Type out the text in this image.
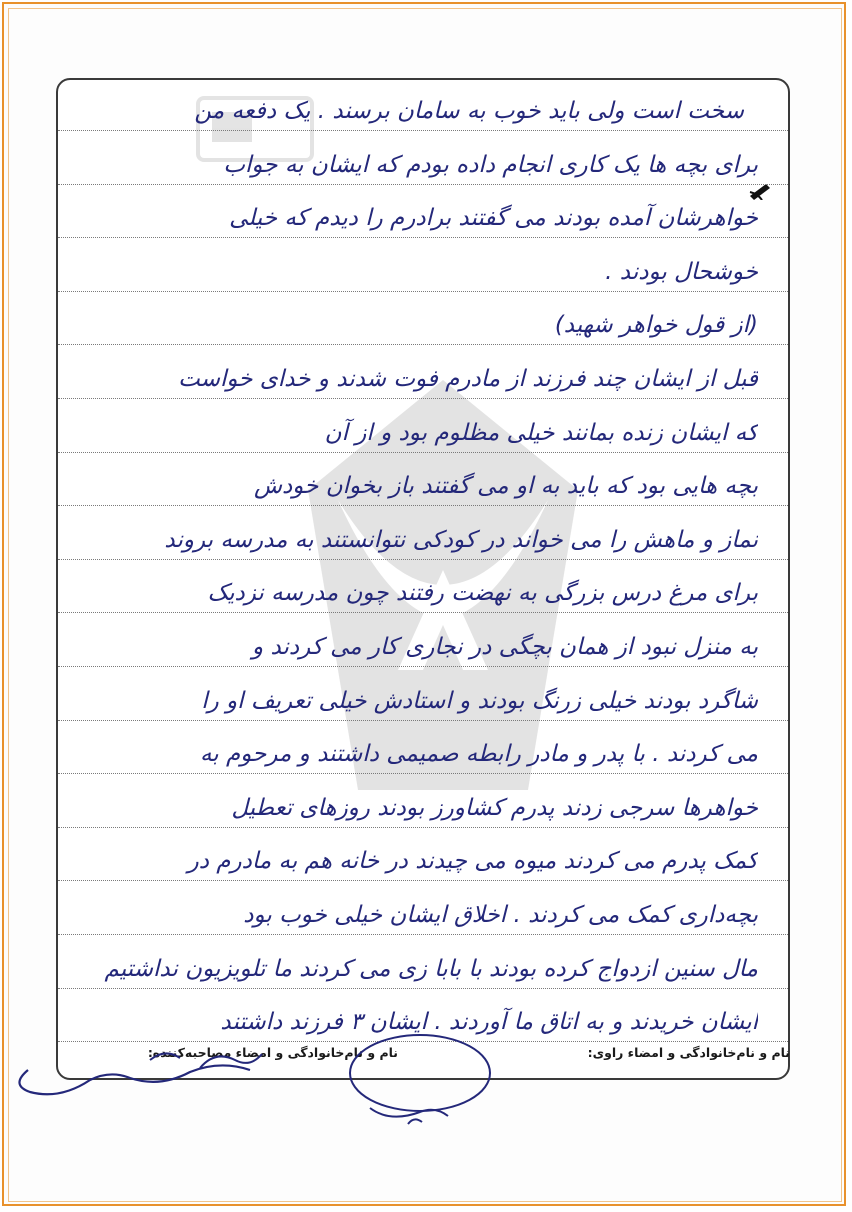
سخت است ولی باید خوب به سامان برسند . یک دفعه من
برای بچه ها یک کاری انجام داده بودم که ایشان به جواب
خواهرشان آمده بودند می گفتند برادرم را دیدم که خیلی
خوشحال بودند .
(از قول خواهر شهید)
قبل از ایشان چند فرزند از مادرم فوت شدند و خدای خواست
که ایشان زنده بمانند خیلی مظلوم بود و از آن
بچه هایی بود که باید به او می گفتند باز بخوان خودش
نماز و ماهش را می خواند در کودکی نتوانستند به مدرسه بروند
برای مرغ درس بزرگی به نهضت رفتند چون مدرسه نزدیک
به منزل نبود از همان بچگی در نجاری کار می کردند و
شاگرد بودند خیلی زرنگ بودند و استادش خیلی تعریف او را
می کردند . با پدر و مادر رابطه صمیمی داشتند و مرحوم به
خواهرها سرجی زدند پدرم کشاورز بودند روزهای تعطیل
کمک پدرم می کردند میوه می چیدند در خانه هم به مادرم در
بچه‌داری کمک می کردند . اخلاق ایشان خیلی خوب بود
مال سنین ازدواج کرده بودند با بابا زی می کردند ما تلویزیون نداشتیم
ایشان خریدند و به اتاق ما آوردند . ایشان ۳ فرزند داشتند
نام و نام‌خانوادگی و امضاء راوی:
نام و نام‌خانوادگی و امضاء مصاحبه‌کننده:
